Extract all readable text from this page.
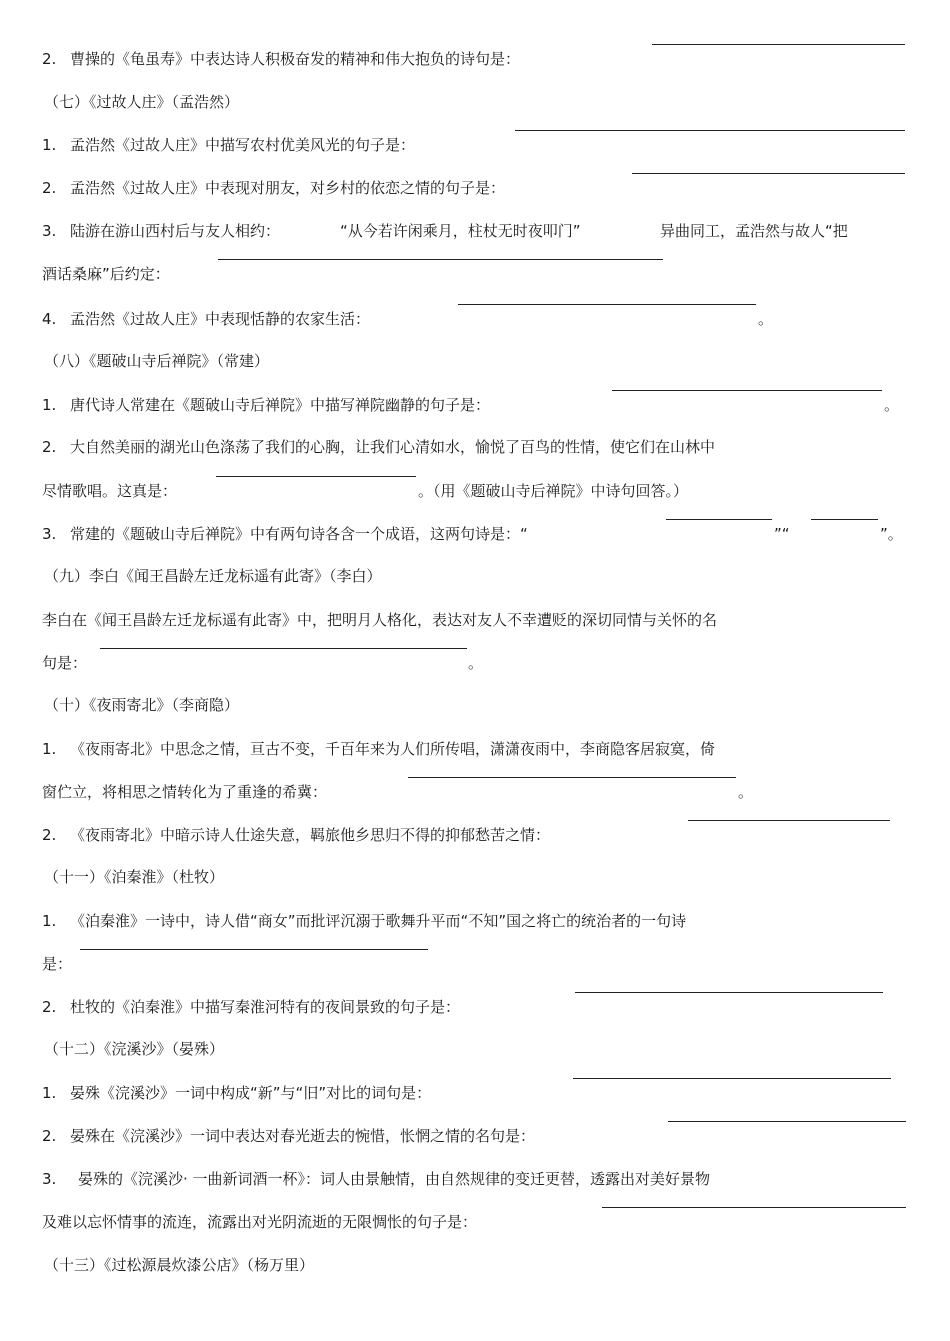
2. 曹操的《龟虽寿》中表达诗人积极奋发的精神和伟大抱负的诗句是：
（七）《过故人庄》（孟浩然）
1. 孟浩然《过故人庄》中描写农村优美风光的句子是：
2. 孟浩然《过故人庄》中表现对朋友，对乡村的依恋之情的句子是：
3. 陆游在游山西村后与友人相约：	“从今若许闲乘月，柱杖无时夜叩门”	异曲同工，孟浩然与故人“把
酒话桑麻”后约定：
4. 孟浩然《过故人庄》中表现恬静的农家生活：	。
（八）《题破山寺后禅院》（常建）
1. 唐代诗人常建在《题破山寺后禅院》中描写禅院幽静的句子是：	。
2. 大自然美丽的湖光山色涤荡了我们的心胸，让我们心清如水，愉悦了百鸟的性情，使它们在山林中
尽情歌唱。这真是：	。（用《题破山寺后禅院》中诗句回答。）
3. 常建的《题破山寺后禅院》中有两句诗各含一个成语，这两句诗是：“	”“	”。
（九）李白《闻王昌龄左迁龙标遥有此寄》（李白）
李白在《闻王昌龄左迁龙标遥有此寄》中，把明月人格化，表达对友人不幸遭贬的深切同情与关怀的名
句是：	。
（十）《夜雨寄北》（李商隐）
1. 《夜雨寄北》中思念之情，亘古不变，千百年来为人们所传唱，潇潇夜雨中，李商隐客居寂寞，倚
窗伫立，将相思之情转化为了重逢的希冀：	。
2. 《夜雨寄北》中暗示诗人仕途失意，羁旅他乡思归不得的抑郁愁苦之情：
（十一）《泊秦淮》（杜牧）
1. 《泊秦淮》一诗中，诗人借“商女”而批评沉溺于歌舞升平而“不知”国之将亡的统治者的一句诗
是：
2. 杜牧的《泊秦淮》中描写秦淮河特有的夜间景致的句子是：
（十二）《浣溪沙》（晏殊）
1. 晏殊《浣溪沙》一词中构成“新”与“旧”对比的词句是：
2. 晏殊在《浣溪沙》一词中表达对春光逝去的惋惜，怅惘之情的名句是：
3. 晏殊的《浣溪沙· 一曲新词酒一杯》：词人由景触情，由自然规律的变迁更替，透露出对美好景物
及难以忘怀情事的流连，流露出对光阴流逝的无限惆怅的句子是：
（十三）《过松源晨炊漆公店》（杨万里）
